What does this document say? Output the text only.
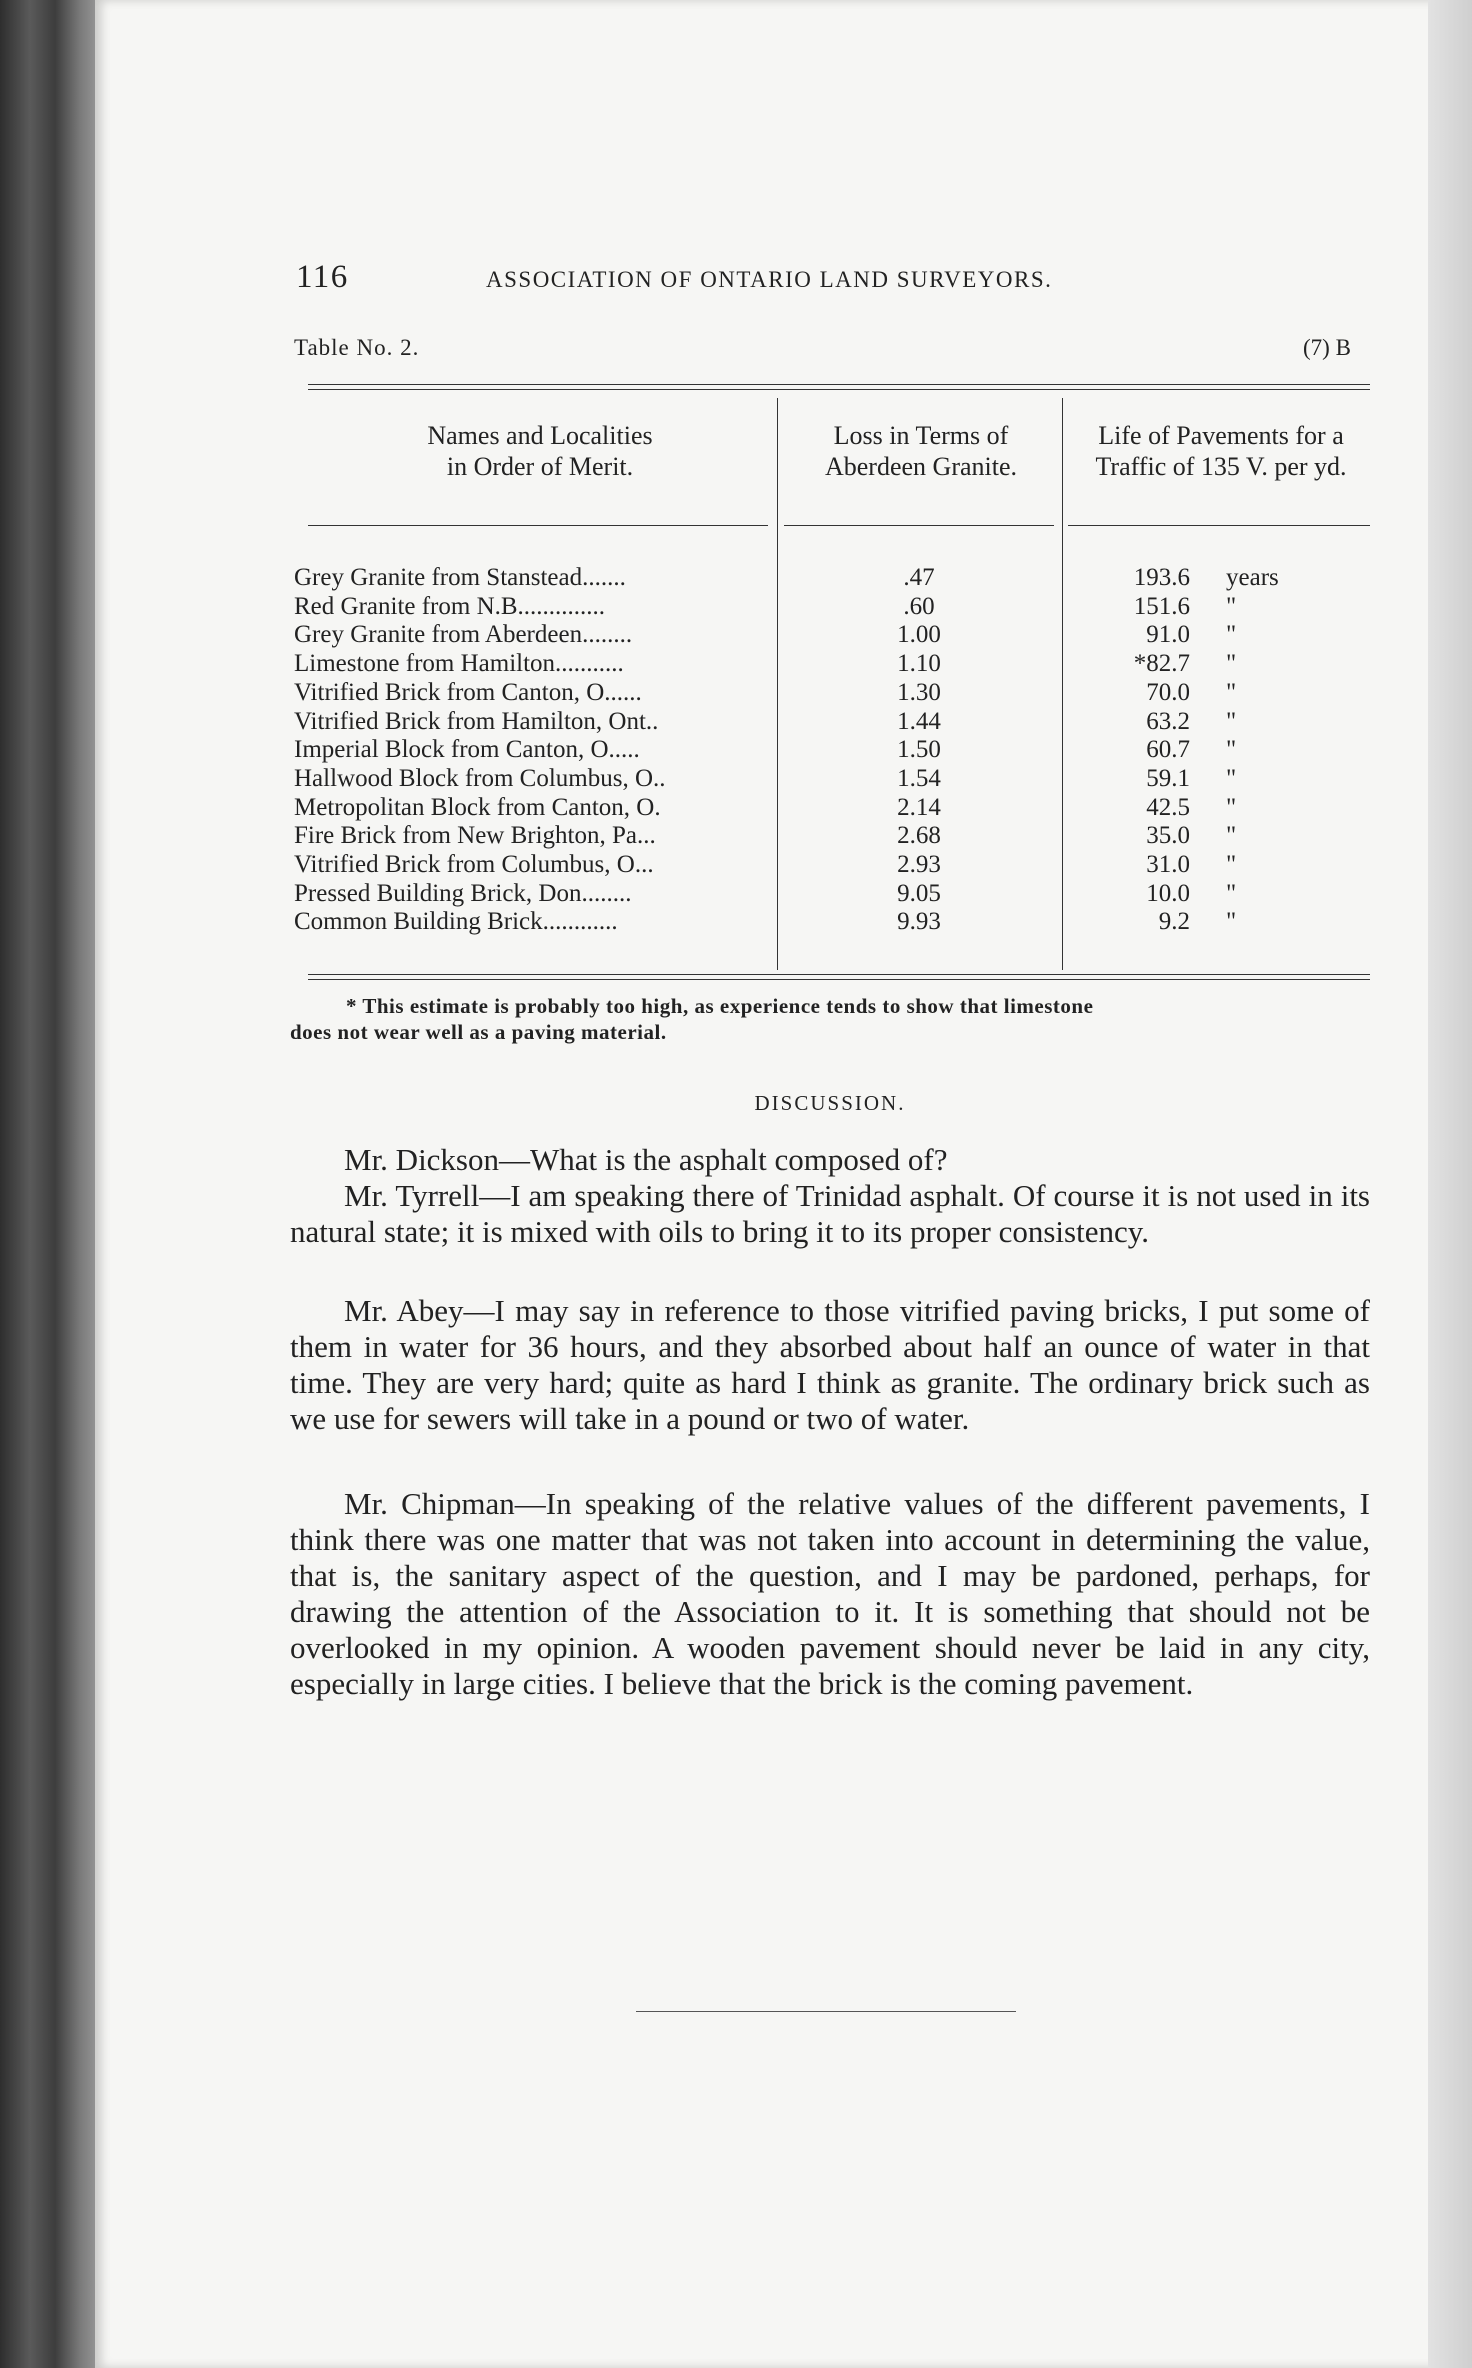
116	ASSOCIATION OF ONTARIO LAND SURVEYORS.
Table No. 2.	(7) B
Names and Localities
in Order of Merit.
Loss in Terms of
Aberdeen Granite.
Life of Pavements for a
Traffic of 135 V. per yd.
Grey Granite from Stanstead.......	.47	193.6 years
Red Granite from N.B..............	.60	151.6 "
Grey Granite from Aberdeen........	1.00	91.0 "
Limestone from Hamilton...........	1.10	*82.7 "
Vitrified Brick from Canton, O......	1.30	70.0 "
Vitrified Brick from Hamilton, Ont..	1.44	63.2 "
Imperial Block from Canton, O.....	1.50	60.7 "
Hallwood Block from Columbus, O..	1.54	59.1 "
Metropolitan Block from Canton, O.	2.14	42.5 "
Fire Brick from New Brighton, Pa...	2.68	35.0 "
Vitrified Brick from Columbus, O...	2.93	31.0 "
Pressed Building Brick, Don........	9.05	10.0 "
Common Building Brick............	9.93	9.2 "
* This estimate is probably too high, as experience tends to show that limestone
does not wear well as a paving material.
DISCUSSION.

Mr. Dickson—What is the asphalt composed of?

Mr. Tyrrell—I am speaking there of Trinidad asphalt. Of course it is not used in its natural state; it is mixed with oils to bring it to its proper consistency.

Mr. Abey—I may say in reference to those vitrified paving bricks, I put some of them in water for 36 hours, and they absorbed about half an ounce of water in that time. They are very hard; quite as hard I think as granite. The ordinary brick such as we use for sewers will take in a pound or two of water.

Mr. Chipman—In speaking of the relative values of the different pavements, I think there was one matter that was not taken into account in determining the value, that is, the sanitary aspect of the question, and I may be pardoned, perhaps, for drawing the attention of the Association to it. It is something that should not be overlooked in my opinion. A wooden pavement should never be laid in any city, especially in large cities. I believe that the brick is the coming pavement.
